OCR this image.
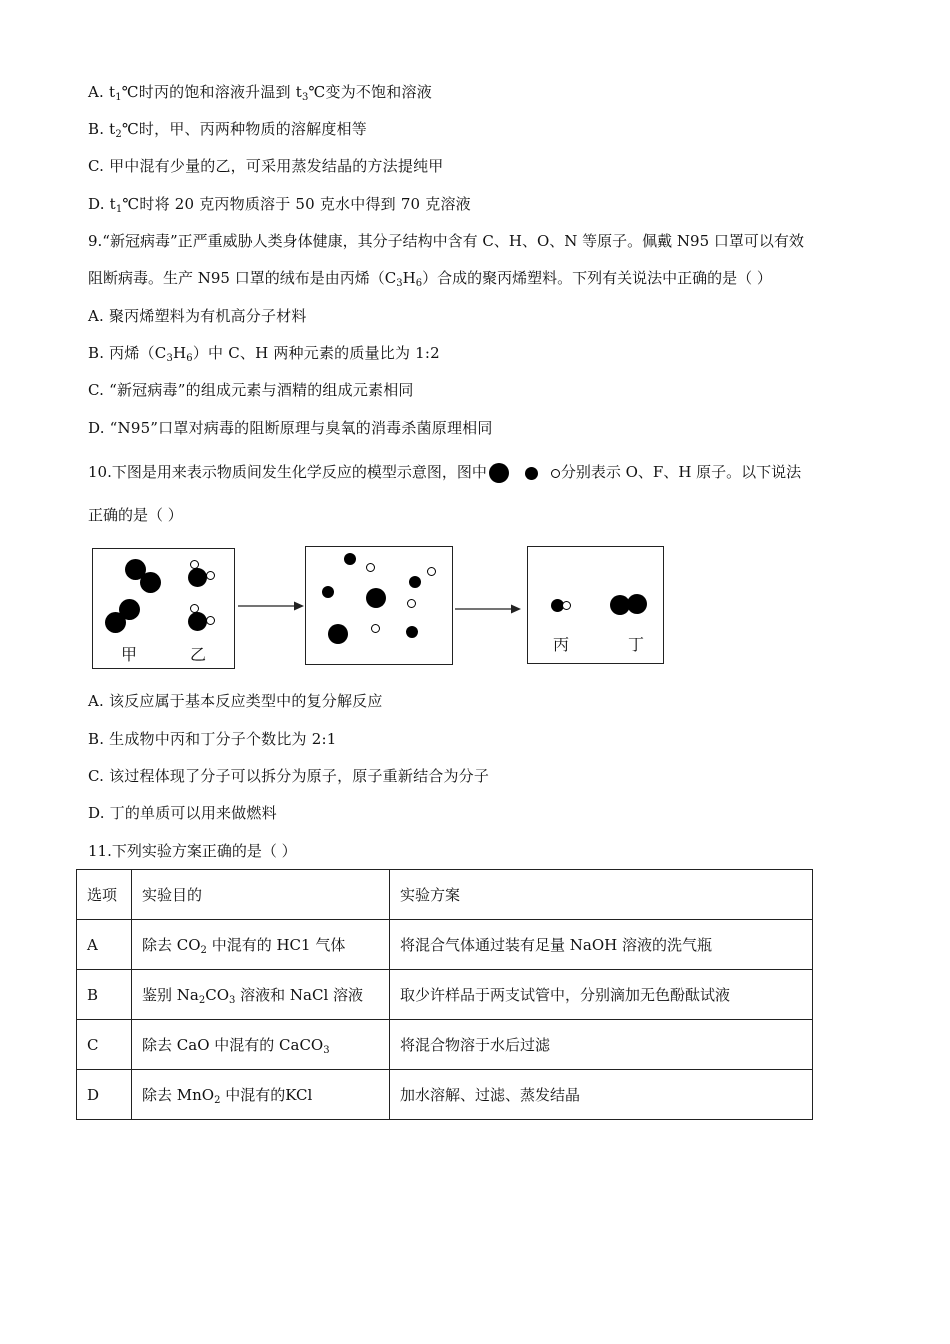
A. $t_1℃$时丙的饱和溶液升温到 $t_3℃$变为不饱和溶液
B. $t_2℃$时，甲、丙两种物质的溶解度相等
C. 甲中混有少量的乙，可采用蒸发结晶的方法提纯甲
D. $t_1℃$时将 20 克丙物质溶于 50 克水中得到 70 克溶液
9.“新冠病毒”正严重威胁人类身体健康，其分子结构中含有 C、H、O、N 等原子。佩戴 N95 口罩可以有效
阻断病毒。生产 N95 口罩的绒布是由丙烯$(C_3H_6)$合成的聚丙烯塑料。下列有关说法中正确的是（ ）
A. 聚丙烯塑料为有机高分子材料
B. 丙烯$(C_3H_6)$中 C、H 两种元素的质量比为 1:2
C. “新冠病毒”的组成元素与酒精的组成元素相同
D. “N95”口罩对病毒的阻断原理与臭氧的消毒杀菌原理相同
10.下图是用来表示物质间发生化学反应的模型示意图，图中	分别表示 O、F、H 原子。以下说法
正确的是（ ）
甲	乙
丙	丁
A. 该反应属于基本反应类型中的复分解反应
B. 生成物中丙和丁分子个数比为 2:1
C. 该过程体现了分子可以拆分为原子，原子重新结合为分子
D. 丁的单质可以用来做燃料
11.下列实验方案正确的是（ ）
选项	实验目的	实验方案
A	除去 $CO_2$ 中混有的 HC1 气体	将混合气体通过装有足量 NaOH 溶液的洗气瓶
B	鉴别 $Na_2CO_3$ 溶液和 NaCl 溶液	取少许样品于两支试管中，分别滴加无色酚酞试液
C	除去 CaO 中混有的 CaCO$_3$	将混合物溶于水后过滤
D	除去 MnO$_2$ 中混有的KCl	加水溶解、过滤、蒸发结晶
